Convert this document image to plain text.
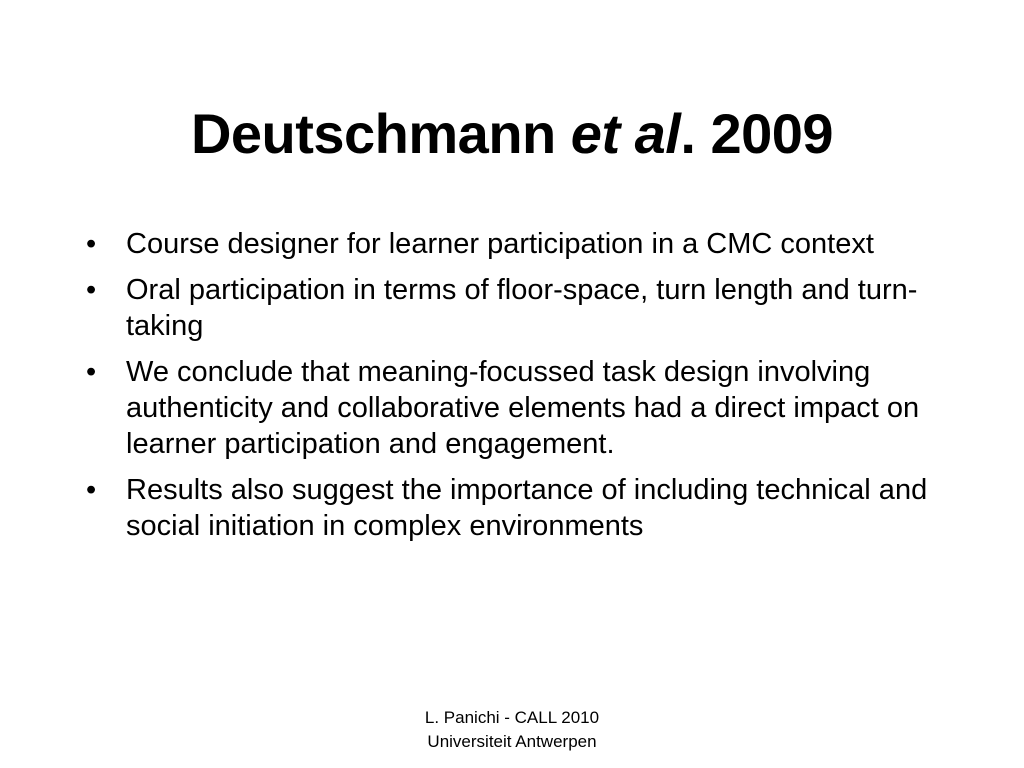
Deutschmann et al. 2009
• Course designer for learner participation in a CMC context
• Oral participation in terms of floor-space, turn length and turn-taking
• We conclude that meaning-focussed task design involving authenticity and collaborative elements had a direct impact on learner participation and engagement.
• Results also suggest the importance of including technical and social initiation in complex environments
L. Panichi - CALL 2010
Universiteit Antwerpen
